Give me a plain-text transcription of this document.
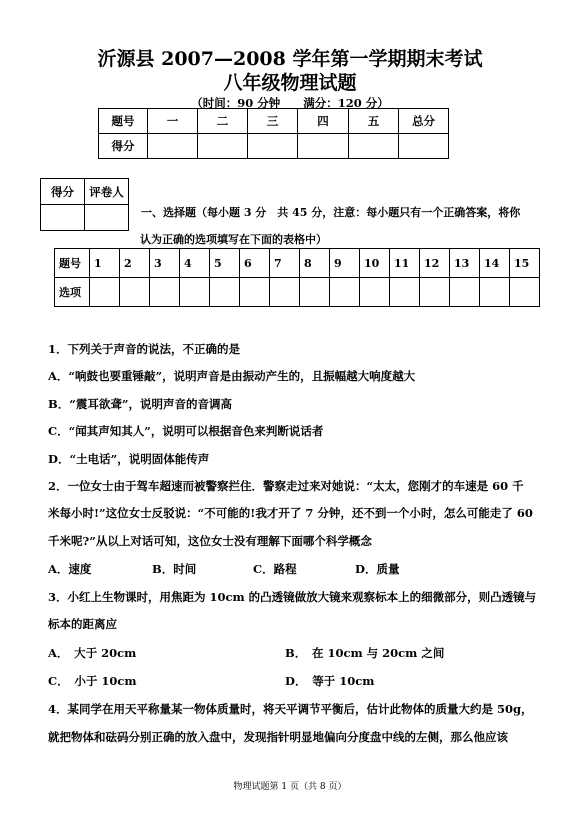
沂源县 2007—2008 学年第一学期期末考试
八年级物理试题
（时间：90 分钟　　满分：120 分）
题号	一	二	三	四	五	总分
得分						
得分	评卷人

一、选择题（每小题 3 分　共 45 分，注意：每小题只有一个正确答案，将你
认为正确的选项填写在下面的表格中）
题号	1	2	3	4	5	6	7	8	9	10	11	12	13	14	15
选项															
1．下列关于声音的说法，不正确的是
A．“响鼓也要重锤敲”，说明声音是由振动产生的，且振幅越大响度越大
B．“震耳欲聋”，说明声音的音调高
C．“闻其声知其人”，说明可以根据音色来判断说话者
D．“土电话”，说明固体能传声
2．一位女士由于驾车超速而被警察拦住．警察走过来对她说：“太太，您刚才的车速是 60 千
米每小时!”这位女士反驳说：“不可能的!我才开了 7 分钟，还不到一个小时，怎么可能走了 60
千米呢?”从以上对话可知，这位女士没有理解下面哪个科学概念
A．速度	B．时间	C．路程	D．质量
3．小红上生物课时，用焦距为 10cm 的凸透镜做放大镜来观察标本上的细微部分，则凸透镜与
标本的距离应
A．　大于 20cm	B．　在 10cm 与 20cm 之间
C．　小于 10cm	D．　等于 10cm
4．某同学在用天平称量某一物体质量时，将天平调节平衡后，估计此物体的质量大约是 50g，
就把物体和砝码分别正确的放入盘中，发现指针明显地偏向分度盘中线的左侧，那么他应该
物理试题第 1 页（共 8 页）
